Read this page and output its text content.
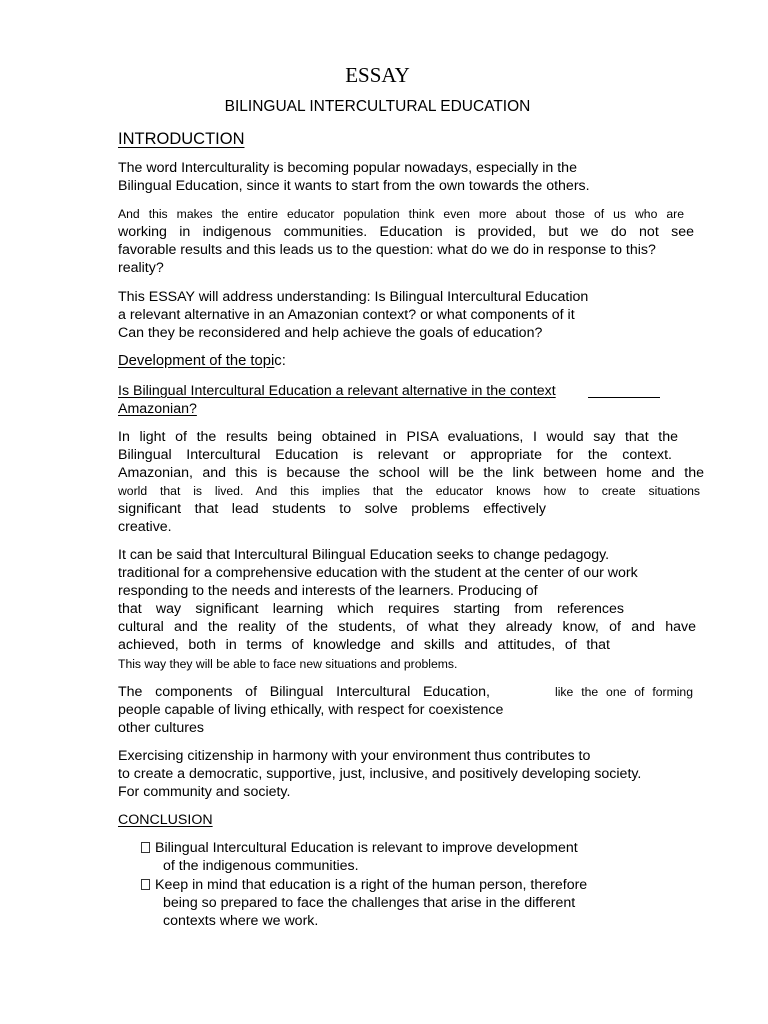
ESSAY
BILINGUAL INTERCULTURAL EDUCATION
INTRODUCTION
The word Interculturality is becoming popular nowadays, especially in the
Bilingual Education, since it wants to start from the own towards the others.
And this makes the entire educator population think even more about those of us who are
working in indigenous communities. Education is provided, but we do not see
favorable results and this leads us to the question: what do we do in response to this?
reality?
This ESSAY will address understanding: Is Bilingual Intercultural Education
a relevant alternative in an Amazonian context? or what components of it
Can they be reconsidered and help achieve the goals of education?
Development of the topic:
Is Bilingual Intercultural Education a relevant alternative in the context
Amazonian?
In light of the results being obtained in PISA evaluations, I would say that the
Bilingual Intercultural Education is relevant or appropriate for the context.
Amazonian, and this is because the school will be the link between home and the
world that is lived. And this implies that the educator knows how to create situations
significant that lead students to solve problems effectively
creative.
It can be said that Intercultural Bilingual Education seeks to change pedagogy.
traditional for a comprehensive education with the student at the center of our work
responding to the needs and interests of the learners. Producing of
that way significant learning which requires starting from references
cultural and the reality of the students, of what they already know, of and have
achieved, both in terms of knowledge and skills and attitudes, of that
This way they will be able to face new situations and problems.
The components of Bilingual Intercultural Education,	like the one of forming
people capable of living ethically, with respect for coexistence
other cultures
Exercising citizenship in harmony with your environment thus contributes to
to create a democratic, supportive, just, inclusive, and positively developing society.
For community and society.
CONCLUSION
Bilingual Intercultural Education is relevant to improve development
of the indigenous communities.
Keep in mind that education is a right of the human person, therefore
being so prepared to face the challenges that arise in the different
contexts where we work.
